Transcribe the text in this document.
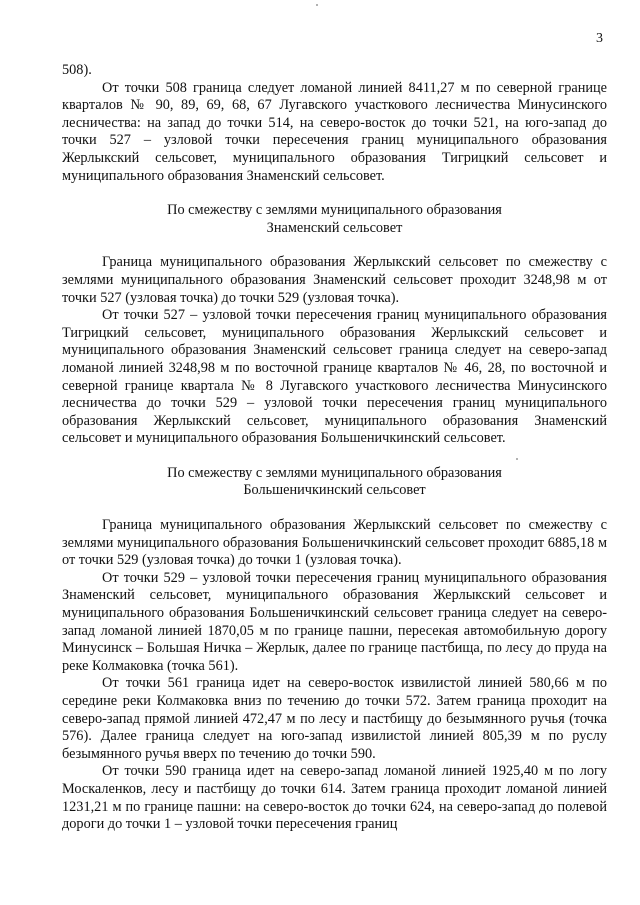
3

508).

От точки 508 граница следует ломаной линией 8411,27 м по северной границе кварталов № 90, 89, 69, 68, 67 Лугавского участкового лесничества Минусинского лесничества: на запад до точки 514, на северо-восток до точки 521, на юго-запад до точки 527 – узловой точки пересечения границ муниципального образования Жерлыкский сельсовет, муниципального образования Тигрицкий сельсовет и муниципального образования Знаменский сельсовет.

По смежеству с землями муниципального образования
Знаменский сельсовет

Граница муниципального образования Жерлыкский сельсовет по смежеству с землями муниципального образования Знаменский сельсовет проходит 3248,98 м от точки 527 (узловая точка) до точки 529 (узловая точка).

От точки 527 – узловой точки пересечения границ муниципального образования Тигрицкий сельсовет, муниципального образования Жерлыкский сельсовет и муниципального образования Знаменский сельсовет граница следует на северо-запад ломаной линией 3248,98 м по восточной границе кварталов № 46, 28, по восточной и северной границе квартала № 8 Лугавского участкового лесничества Минусинского лесничества до точки 529 – узловой точки пересечения границ муниципального образования Жерлыкский сельсовет, муниципального образования Знаменский сельсовет и муниципального образования Большеничкинский сельсовет.

По смежеству с землями муниципального образования
Большеничкинский сельсовет

Граница муниципального образования Жерлыкский сельсовет по смежеству с землями муниципального образования Большеничкинский сельсовет проходит 6885,18 м от точки 529 (узловая точка) до точки 1 (узловая точка).

От точки 529 – узловой точки пересечения границ муниципального образования Знаменский сельсовет, муниципального образования Жерлыкский сельсовет и муниципального образования Большеничкинский сельсовет граница следует на северо-запад ломаной линией 1870,05 м по границе пашни, пересекая автомобильную дорогу Минусинск – Большая Ничка – Жерлык, далее по границе пастбища, по лесу до пруда на реке Колмаковка (точка 561).

От точки 561 граница идет на северо-восток извилистой линией 580,66 м по середине реки Колмаковка вниз по течению до точки 572. Затем граница проходит на северо-запад прямой линией 472,47 м по лесу и пастбищу до безымянного ручья (точка 576). Далее граница следует на юго-запад извилистой линией 805,39 м по руслу безымянного ручья вверх по течению до точки 590.

От точки 590 граница идет на северо-запад ломаной линией 1925,40 м по логу Москаленков, лесу и пастбищу до точки 614. Затем граница проходит ломаной линией 1231,21 м по границе пашни: на северо-восток до точки 624, на северо-запад до полевой дороги до точки 1 – узловой точки пересечения границ
